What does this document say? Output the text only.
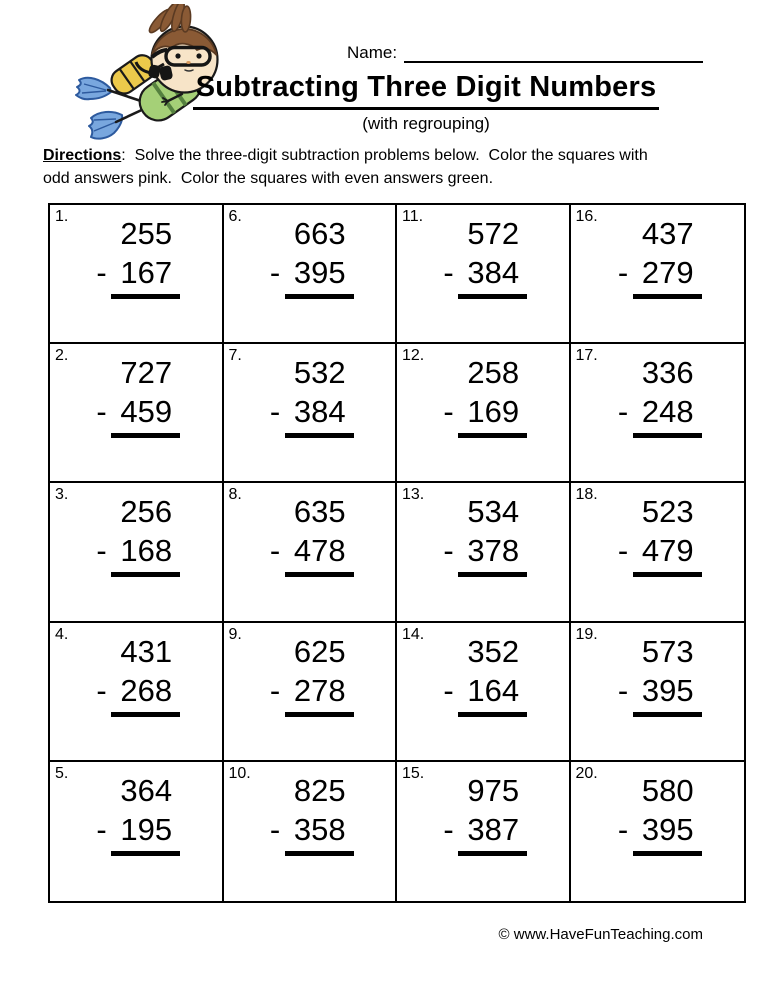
Name:
Subtracting Three Digit Numbers
(with regrouping)
Directions:  Solve the three-digit subtraction problems below.  Color the squares with
odd answers pink.  Color the squares with even answers green.
1. 255
- 167
6. 663
- 395
11. 572
- 384
16. 437
- 279
2. 727
- 459
7. 532
- 384
12. 258
- 169
17. 336
- 248
3. 256
- 168
8. 635
- 478
13. 534
- 378
18. 523
- 479
4. 431
- 268
9. 625
- 278
14. 352
- 164
19. 573
- 395
5. 364
- 195
10. 825
- 358
15. 975
- 387
20. 580
- 395
© www.HaveFunTeaching.com
